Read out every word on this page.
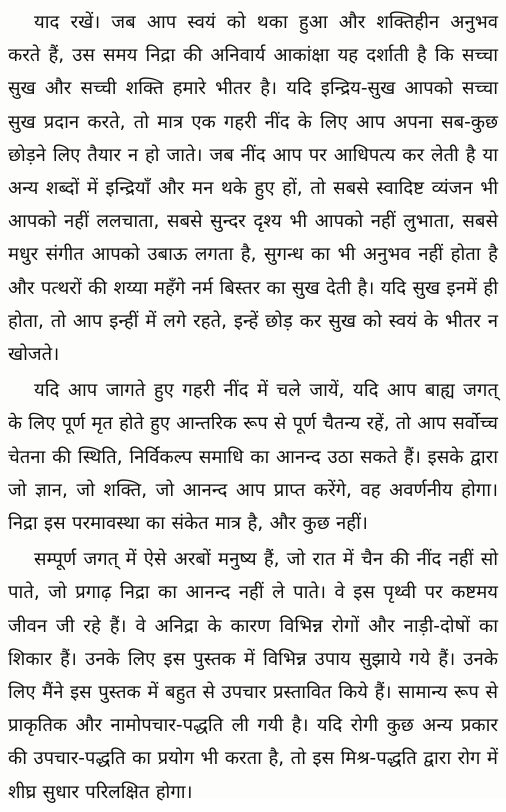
याद रखें। जब आप स्वयं को थका हुआ और शक्तिहीन अनुभव
करते हैं, उस समय निद्रा की अनिवार्य आकांक्षा यह दर्शाती है कि सच्चा
सुख और सच्ची शक्ति हमारे भीतर है। यदि इन्द्रिय-सुख आपको सच्चा
सुख प्रदान करते, तो मात्र एक गहरी नींद के लिए आप अपना सब-कुछ
छोड़ने लिए तैयार न हो जाते। जब नींद आप पर आधिपत्य कर लेती है या
अन्य शब्दों में इन्द्रियाँ और मन थके हुए हों, तो सबसे स्वादिष्ट व्यंजन भी
आपको नहीं ललचाता, सबसे सुन्दर दृश्य भी आपको नहीं लुभाता, सबसे
मधुर संगीत आपको उबाऊ लगता है, सुगन्ध का भी अनुभव नहीं होता है
और पत्थरों की शय्या महँगे नर्म बिस्तर का सुख देती है। यदि सुख इनमें ही
होता, तो आप इन्हीं में लगे रहते, इन्हें छोड़ कर सुख को स्वयं के भीतर न
खोजते।
यदि आप जागते हुए गहरी नींद में चले जायें, यदि आप बाह्य जगत्
के लिए पूर्ण मृत होते हुए आन्तरिक रूप से पूर्ण चैतन्य रहें, तो आप सर्वोच्च
चेतना की स्थिति, निर्विकल्प समाधि का आनन्द उठा सकते हैं। इसके द्वारा
जो ज्ञान, जो शक्ति, जो आनन्द आप प्राप्त करेंगे, वह अवर्णनीय होगा।
निद्रा इस परमावस्था का संकेत मात्र है, और कुछ नहीं।
सम्पूर्ण जगत् में ऐसे अरबों मनुष्य हैं, जो रात में चैन की नींद नहीं सो
पाते, जो प्रगाढ़ निद्रा का आनन्द नहीं ले पाते। वे इस पृथ्वी पर कष्टमय
जीवन जी रहे हैं। वे अनिद्रा के कारण विभिन्न रोगों और नाड़ी-दोषों का
शिकार हैं। उनके लिए इस पुस्तक में विभिन्न उपाय सुझाये गये हैं। उनके
लिए मैंने इस पुस्तक में बहुत से उपचार प्रस्तावित किये हैं। सामान्य रूप से
प्राकृतिक और नामोपचार-पद्धति ली गयी है। यदि रोगी कुछ अन्य प्रकार
की उपचार-पद्धति का प्रयोग भी करता है, तो इस मिश्र-पद्धति द्वारा रोग में
शीघ्र सुधार परिलक्षित होगा।
